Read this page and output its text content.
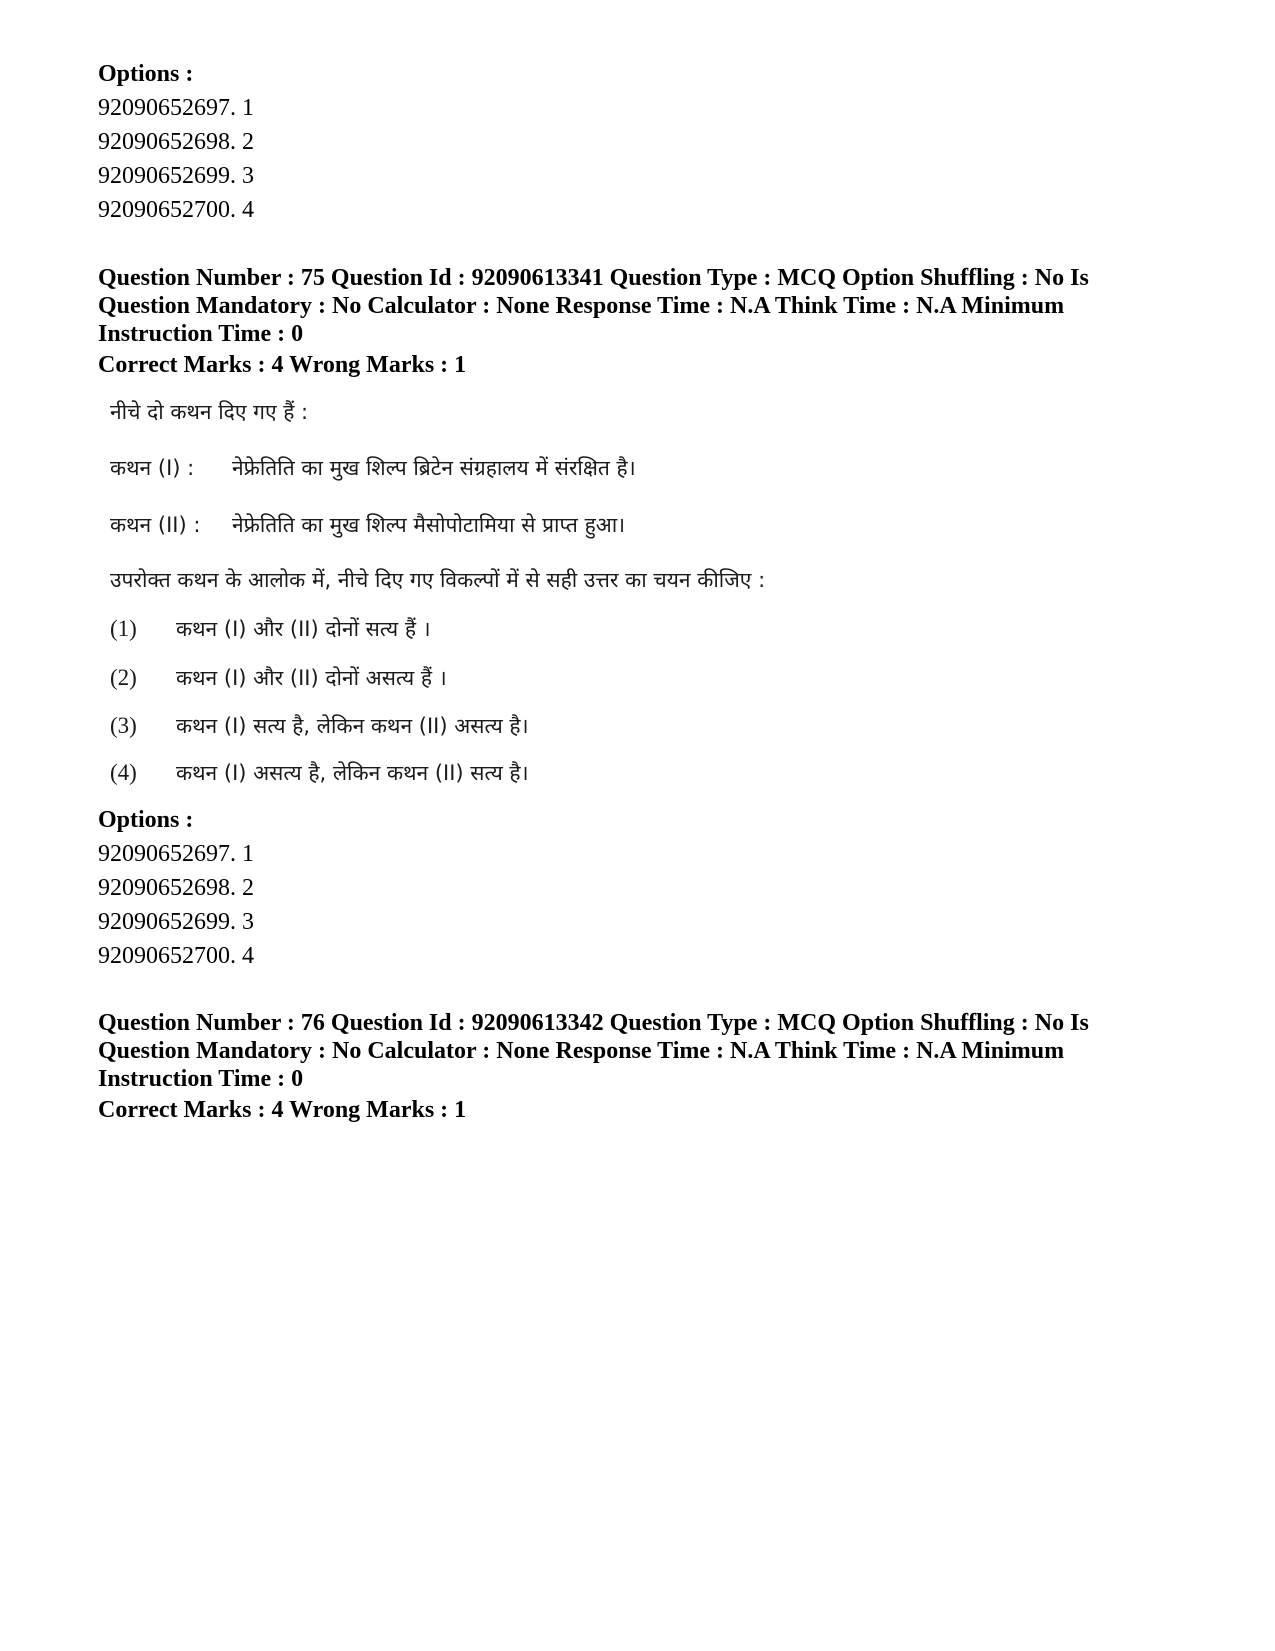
Options :
92090652697. 1
92090652698. 2
92090652699. 3
92090652700. 4
Question Number : 75 Question Id : 92090613341 Question Type : MCQ Option Shuffling : No Is
Question Mandatory : No Calculator : None Response Time : N.A Think Time : N.A Minimum
Instruction Time : 0
Correct Marks : 4 Wrong Marks : 1
नीचे दो कथन दिए गए हैं :
कथन (I) : नेफ्रेतिति का मुख शिल्प ब्रिटेन संग्रहालय में संरक्षित है।
कथन (II) : नेफ्रेतिति का मुख शिल्प मैसोपोटामिया से प्राप्त हुआ।
उपरोक्त कथन के आलोक में, नीचे दिए गए विकल्पों में से सही उत्तर का चयन कीजिए :
(1) कथन (I) और (II) दोनों सत्य हैं ।
(2) कथन (I) और (II) दोनों असत्य हैं ।
(3) कथन (I) सत्य है, लेकिन कथन (II) असत्य है।
(4) कथन (I) असत्य है, लेकिन कथन (II) सत्य है।
Options :
92090652697. 1
92090652698. 2
92090652699. 3
92090652700. 4
Question Number : 76 Question Id : 92090613342 Question Type : MCQ Option Shuffling : No Is
Question Mandatory : No Calculator : None Response Time : N.A Think Time : N.A Minimum
Instruction Time : 0
Correct Marks : 4 Wrong Marks : 1
